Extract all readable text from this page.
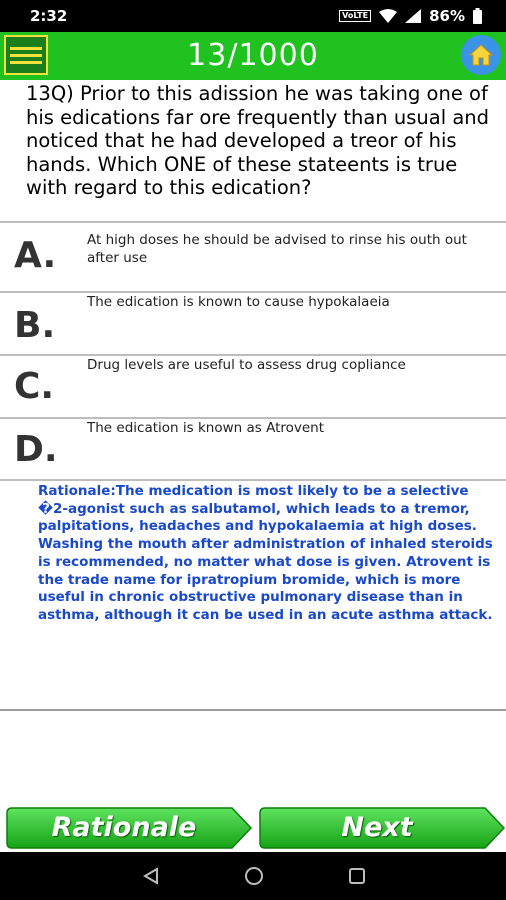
2:32	VoLTE	86%
13/1000
13Q) Prior to this adission he was taking one of his edications far ore frequently than usual and noticed that he had developed a treor of his hands. Which ONE of these stateents is true with regard to this edication?
A. At high doses he should be advised to rinse his outh out after use
B.
The edication is known to cause hypokalaeia
C.
Drug levels are useful to assess drug copliance
D.
The edication is known as Atrovent
Rationale:The medication is most likely to be a selective �2-agonist such as salbutamol, which leads to a tremor, palpitations, headaches and hypokalaemia at high doses. Washing the mouth after administration of inhaled steroids is recommended, no matter what dose is given. Atrovent is the trade name for ipratropium bromide, which is more useful in chronic obstructive pulmonary disease than in asthma, although it can be used in an acute asthma attack.
Rationale	Next
